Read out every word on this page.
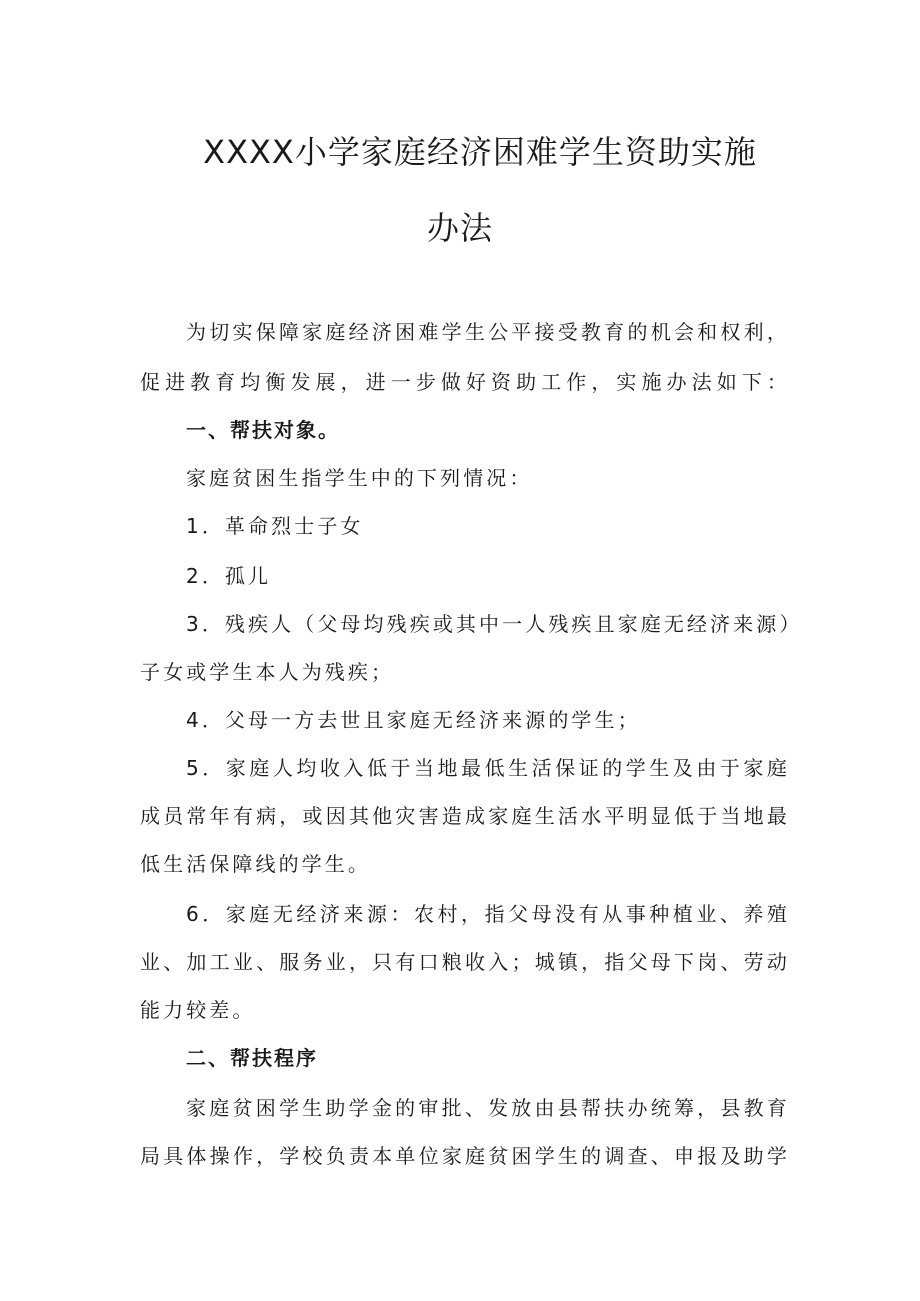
XXXX小学家庭经济困难学生资助实施
办法

为切实保障家庭经济困难学生公平接受教育的机会和权利，

促进教育均衡发展，进一步做好资助工作，实施办法如下：

一、帮扶对象。

家庭贫困生指学生中的下列情况：

1．革命烈士子女

2．孤儿

3．残疾人（父母均残疾或其中一人残疾且家庭无经济来源）

子女或学生本人为残疾；

4．父母一方去世且家庭无经济来源的学生；

5．家庭人均收入低于当地最低生活保证的学生及由于家庭

成员常年有病，或因其他灾害造成家庭生活水平明显低于当地最

低生活保障线的学生。

6．家庭无经济来源：农村，指父母没有从事种植业、养殖

业、加工业、服务业，只有口粮收入；城镇，指父母下岗、劳动

能力较差。

二、帮扶程序

家庭贫困学生助学金的审批、发放由县帮扶办统筹，县教育

局具体操作，学校负责本单位家庭贫困学生的调查、申报及助学
